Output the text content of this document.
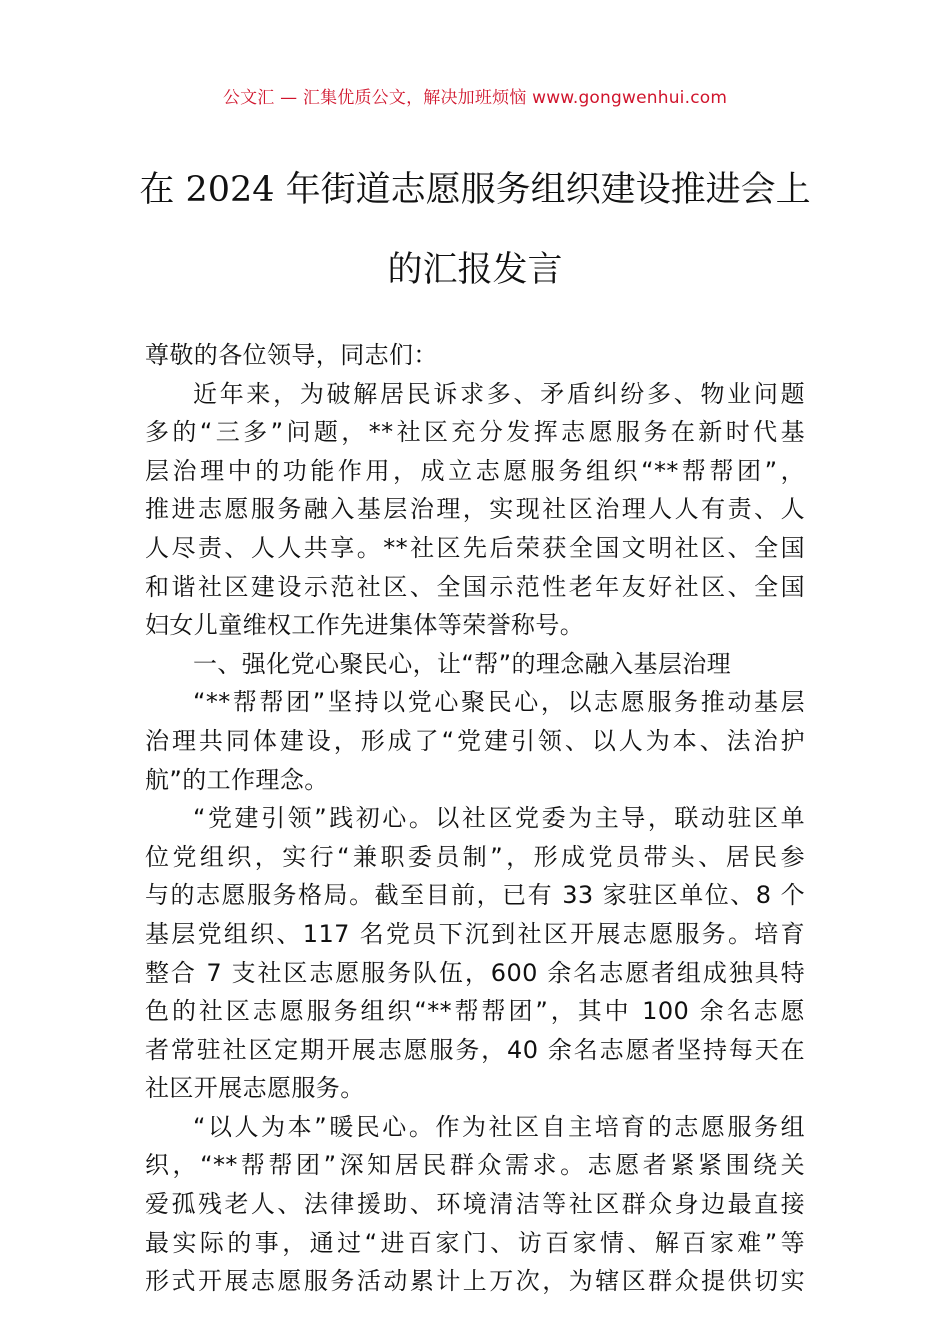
公文汇 — 汇集优质公文，解决加班烦恼 www.gongwenhui.com
在 2024 年街道志愿服务组织建设推进会上
的汇报发言
尊敬的各位领导，同志们：
近年来，为破解居民诉求多、矛盾纠纷多、物业问题
多的“三多”问题，**社区充分发挥志愿服务在新时代基
层治理中的功能作用，成立志愿服务组织“**帮帮团”，
推进志愿服务融入基层治理，实现社区治理人人有责、人
人尽责、人人共享。**社区先后荣获全国文明社区、全国
和谐社区建设示范社区、全国示范性老年友好社区、全国
妇女儿童维权工作先进集体等荣誉称号。
一、强化党心聚民心，让“帮”的理念融入基层治理
“**帮帮团”坚持以党心聚民心，以志愿服务推动基层
治理共同体建设，形成了“党建引领、以人为本、法治护
航”的工作理念。
“党建引领”践初心。以社区党委为主导，联动驻区单
位党组织，实行“兼职委员制”，形成党员带头、居民参
与的志愿服务格局。截至目前，已有 33 家驻区单位、8 个
基层党组织、117 名党员下沉到社区开展志愿服务。培育
整合 7 支社区志愿服务队伍，600 余名志愿者组成独具特
色的社区志愿服务组织“**帮帮团”，其中 100 余名志愿
者常驻社区定期开展志愿服务，40 余名志愿者坚持每天在
社区开展志愿服务。
“以人为本”暖民心。作为社区自主培育的志愿服务组
织，“**帮帮团”深知居民群众需求。志愿者紧紧围绕关
爱孤残老人、法律援助、环境清洁等社区群众身边最直接
最实际的事，通过“进百家门、访百家情、解百家难”等
形式开展志愿服务活动累计上万次，为辖区群众提供切实
